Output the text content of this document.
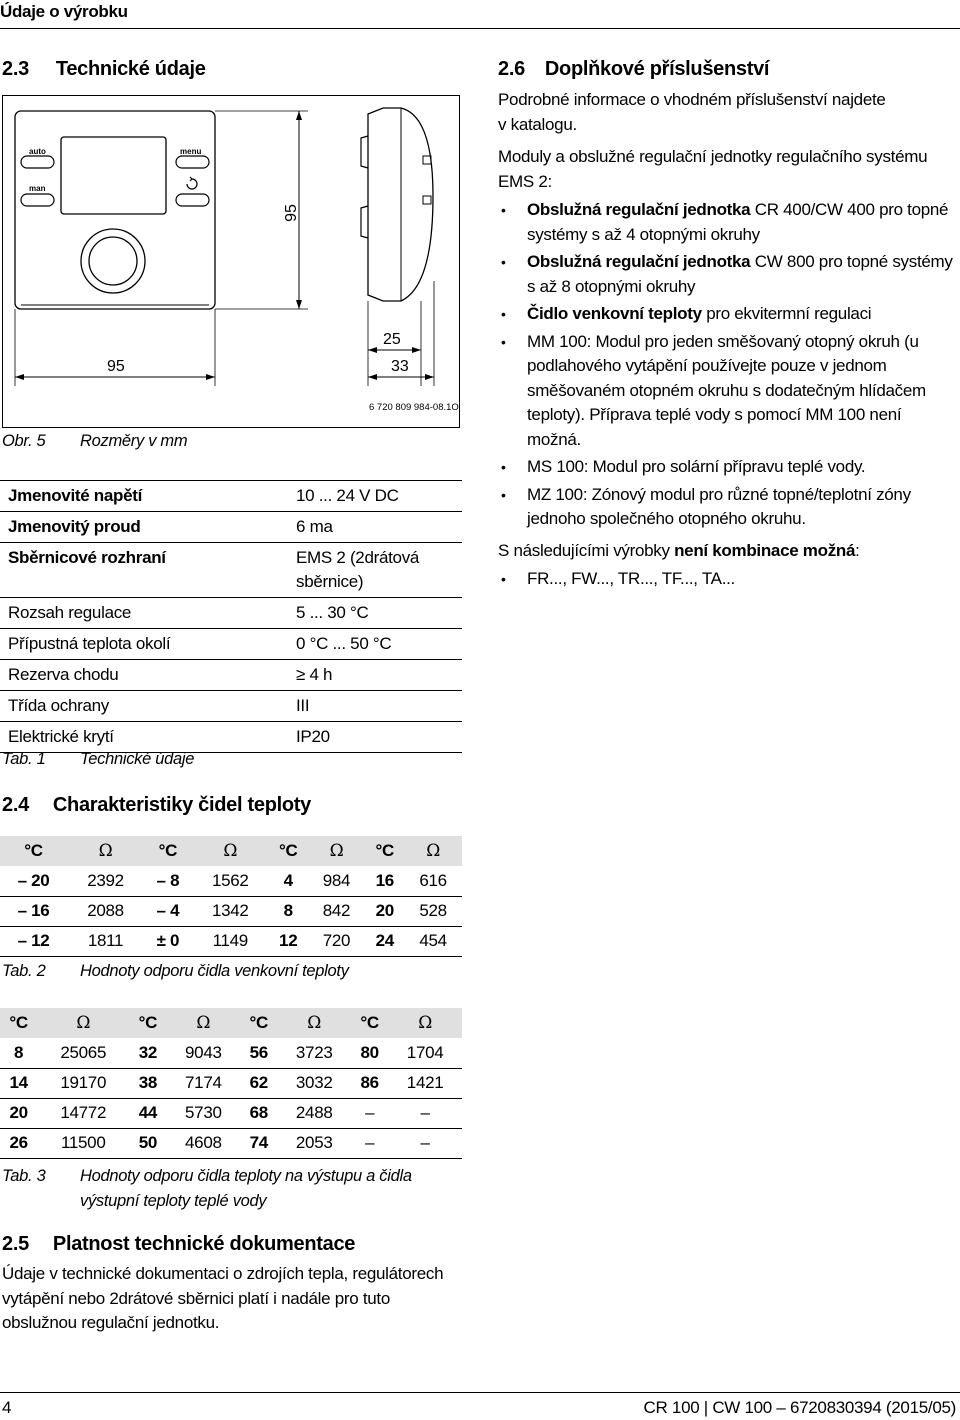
Údaje o výrobku
2.3 Technické údaje
auto
man
menu
95
95
25
33
6 720 809 984-08.1O
Obr. 5 Rozměry v mm
Jmenovité napětí	10 ... 24 V DC
Jmenovitý proud	6 ma
Sběrnicové rozhraní	EMS 2 (2drátová sběrnice)
Rozsah regulace	5 ... 30 °C
Přípustná teplota okolí	0 °C ... 50 °C
Rezerva chodu	≥ 4 h
Třída ochrany	III
Elektrické krytí	IP20
Tab. 1 Technické údaje
2.4 Charakteristiky čidel teploty
°C	Ω	°C	Ω	°C	Ω	°C	Ω
– 20	2392	– 8	1562	4	984	16	616
– 16	2088	– 4	1342	8	842	20	528
– 12	1811	± 0	1149	12	720	24	454
Tab. 2 Hodnoty odporu čidla venkovní teploty
°C	Ω	°C	Ω	°C	Ω	°C	Ω
8	25065	32	9043	56	3723	80	1704
14	19170	38	7174	62	3032	86	1421
20	14772	44	5730	68	2488	–	–
26	11500	50	4608	74	2053	–	–
Tab. 3 Hodnoty odporu čidla teploty na výstupu a čidla
výstupní teploty teplé vody
2.5 Platnost technické dokumentace
Údaje v technické dokumentaci o zdrojích tepla, regulátorech vytápění nebo 2drátové sběrnici platí i nadále pro tuto obslužnou regulační jednotku.
2.6 Doplňkové příslušenství
Podrobné informace o vhodném příslušenství najdete v katalogu.
Moduly a obslužné regulační jednotky regulačního systému EMS 2:
• Obslužná regulační jednotka CR 400/CW 400 pro topné systémy s až 4 otopnými okruhy
• Obslužná regulační jednotka CW 800 pro topné systémy s až 8 otopnými okruhy
• Čidlo venkovní teploty pro ekvitermní regulaci
• MM 100: Modul pro jeden směšovaný otopný okruh (u podlahového vytápění používejte pouze v jednom směšovaném otopném okruhu s dodatečným hlídačem teploty). Příprava teplé vody s pomocí MM 100 není možná.
• MS 100: Modul pro solární přípravu teplé vody.
• MZ 100: Zónový modul pro různé topné/teplotní zóny jednoho společného otopného okruhu.
S následujícími výrobky není kombinace možná:
• FR..., FW..., TR..., TF..., TA...
4	CR 100 | CW 100 – 6720830394 (2015/05)
